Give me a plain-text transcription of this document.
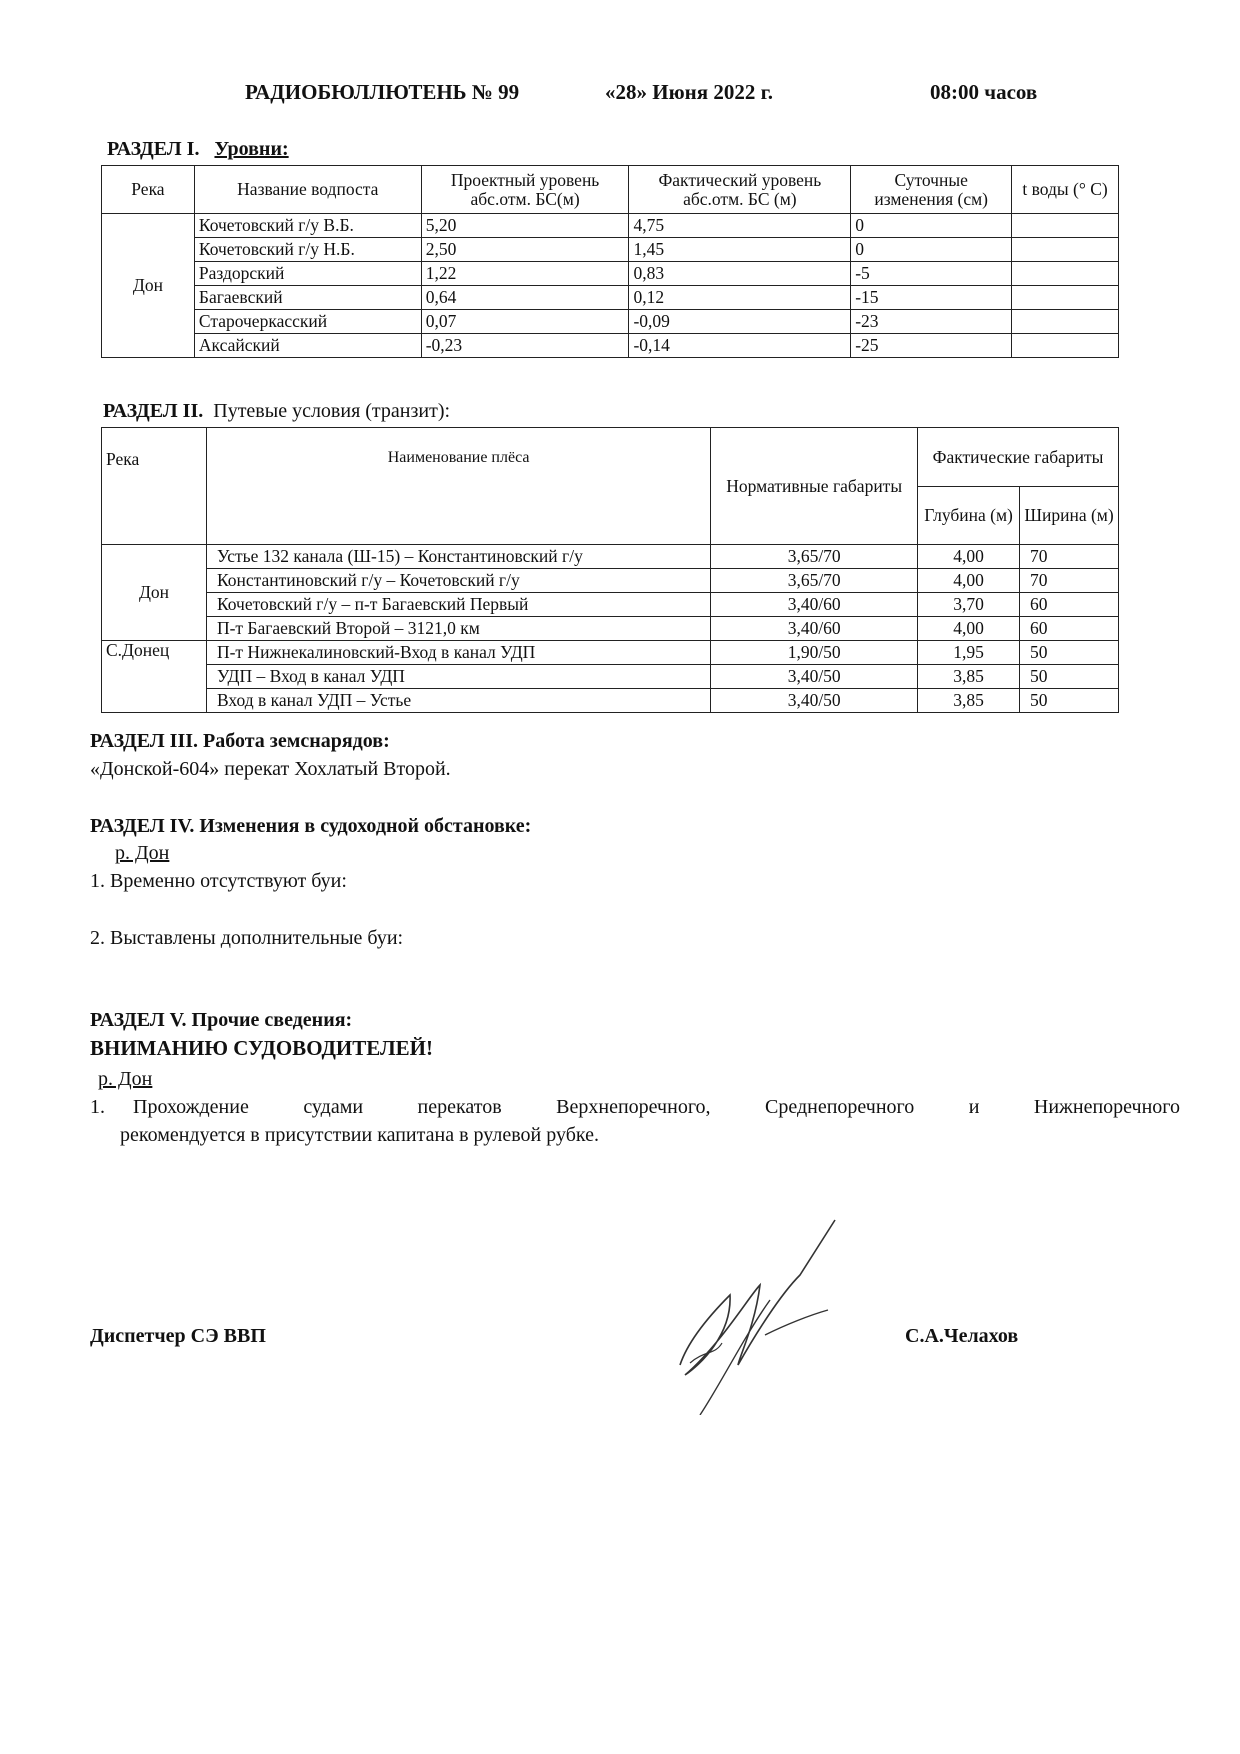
РАДИОБЮЛЛЮТЕНЬ № 99	«28» Июня 2022 г.	08:00 часов
РАЗДЕЛ I. Уровни:
Река	Название водпоста	Проектный уровень абс.отм. БС(м)	Фактический уровень абс.отм. БС (м)	Суточные изменения (см)	t воды (° С)
Дон	Кочетовский г/у В.Б.	5,20	4,75	0	
	Кочетовский г/у Н.Б.	2,50	1,45	0	
	Раздорский	1,22	0,83	-5	
	Багаевский	0,64	0,12	-15	
	Старочеркасский	0,07	-0,09	-23	
	Аксайский	-0,23	-0,14	-25	
РАЗДЕЛ II. Путевые условия (транзит):
Река	Наименование плёса	Нормативные габариты	Фактические габариты	
			Глубина (м)	Ширина (м)
Дон	Устье 132 канала (Ш-15) – Константиновский г/у	3,65/70	4,00	70
	Константиновский г/у – Кочетовский г/у	3,65/70	4,00	70
	Кочетовский г/у – п-т Багаевский Первый	3,40/60	3,70	60
	П-т Багаевский Второй – 3121,0 км	3,40/60	4,00	60
С.Донец	П-т Нижнекалиновский-Вход в канал УДП	1,90/50	1,95	50
	УДП – Вход в канал УДП	3,40/50	3,85	50
	Вход в канал УДП – Устье	3,40/50	3,85	50
РАЗДЕЛ III. Работа земснарядов:
«Донской-604» перекат Хохлатый Второй.
РАЗДЕЛ IV. Изменения в судоходной обстановке:
р. Дон
1. Временно отсутствуют буи:
2. Выставлены дополнительные буи:
РАЗДЕЛ V. Прочие сведения:
ВНИМАНИЮ СУДОВОДИТЕЛЕЙ!
р. Дон
1. Прохождение судами перекатов Верхнепоречного, Среднепоречного и Нижнепоречного
рекомендуется в присутствии капитана в рулевой рубке.
Диспетчер СЭ ВВП	С.А.Челахов
